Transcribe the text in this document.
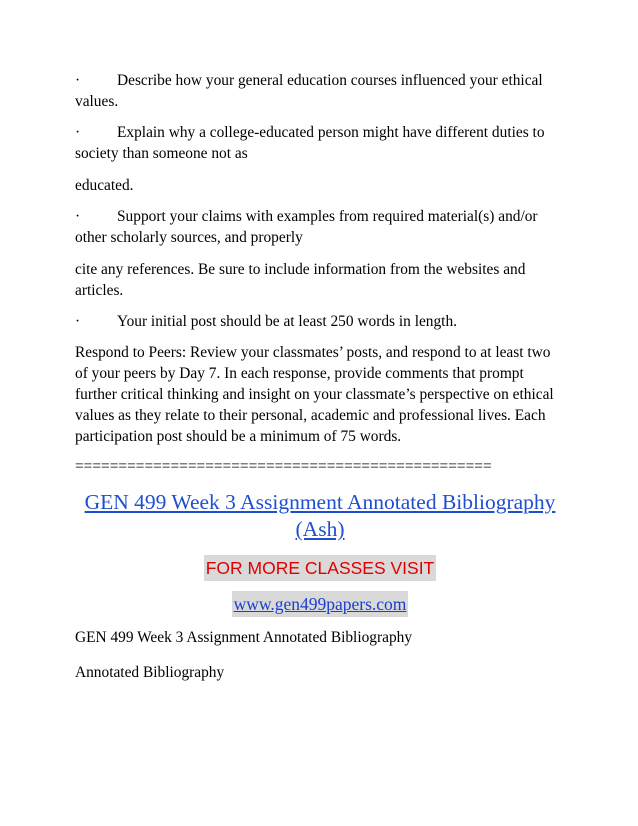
· Describe how your general education courses influenced your ethical values.

· Explain why a college-educated person might have different duties to society than someone not as

educated.

· Support your claims with examples from required material(s) and/or other scholarly sources, and properly

cite any references. Be sure to include information from the websites and articles.

· Your initial post should be at least 250 words in length.

Respond to Peers: Review your classmates’ posts, and respond to at least two of your peers by Day 7. In each response, provide comments that prompt further critical thinking and insight on your classmate’s perspective on ethical values as they relate to their personal, academic and professional lives. Each participation post should be a minimum of 75 words.

================================================
GEN 499 Week 3 Assignment Annotated Bibliography
(Ash)
FOR MORE CLASSES VISIT
www.gen499papers.com

GEN 499 Week 3 Assignment Annotated Bibliography

Annotated Bibliography
